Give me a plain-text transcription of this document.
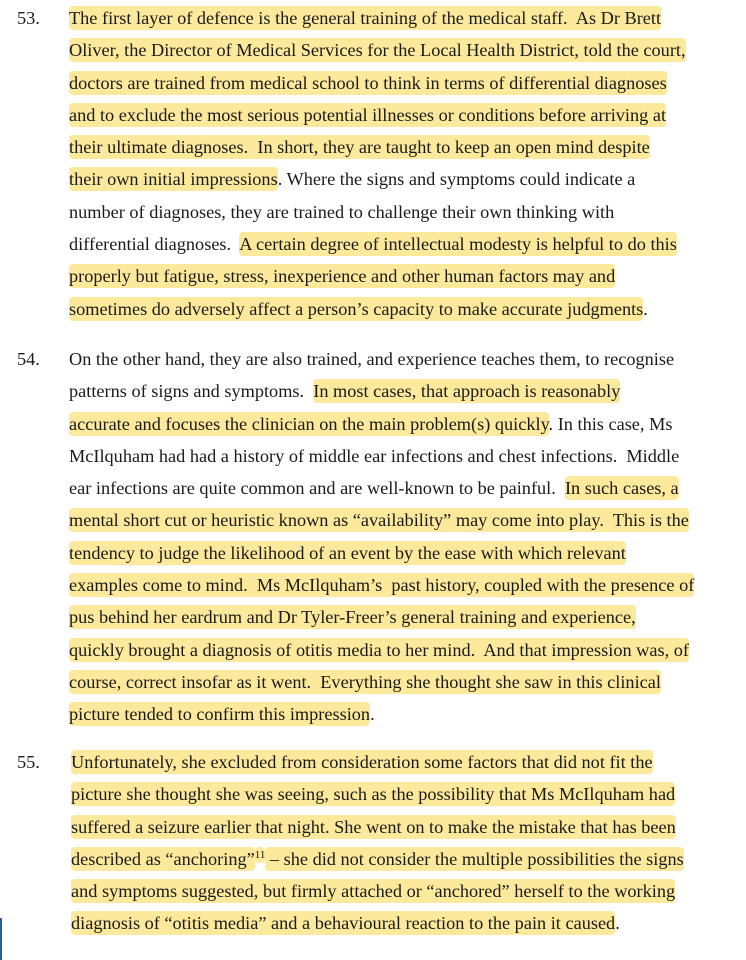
53. The first layer of defence is the general training of the medical staff.  As Dr Brett
Oliver, the Director of Medical Services for the Local Health District, told the court,
doctors are trained from medical school to think in terms of differential diagnoses
and to exclude the most serious potential illnesses or conditions before arriving at
their ultimate diagnoses.  In short, they are taught to keep an open mind despite
their own initial impressions. Where the signs and symptoms could indicate a
number of diagnoses, they are trained to challenge their own thinking with
differential diagnoses.  A certain degree of intellectual modesty is helpful to do this
properly but fatigue, stress, inexperience and other human factors may and
sometimes do adversely affect a person’s capacity to make accurate judgments.
54. On the other hand, they are also trained, and experience teaches them, to recognise
patterns of signs and symptoms.  In most cases, that approach is reasonably
accurate and focuses the clinician on the main problem(s) quickly. In this case, Ms
McIlquham had had a history of middle ear infections and chest infections.  Middle
ear infections are quite common and are well-known to be painful.  In such cases, a
mental short cut or heuristic known as “availability” may come into play.  This is the
tendency to judge the likelihood of an event by the ease with which relevant
examples come to mind.  Ms McIlquham’s  past history, coupled with the presence of
pus behind her eardrum and Dr Tyler-Freer’s general training and experience,
quickly brought a diagnosis of otitis media to her mind.  And that impression was, of
course, correct insofar as it went.  Everything she thought she saw in this clinical
picture tended to confirm this impression.
55. Unfortunately, she excluded from consideration some factors that did not fit the
picture she thought she was seeing, such as the possibility that Ms McIlquham had
suffered a seizure earlier that night. She went on to make the mistake that has been
described as “anchoring”$^{11}$ – she did not consider the multiple possibilities the signs
and symptoms suggested, but firmly attached or “anchored” herself to the working
diagnosis of “otitis media” and a behavioural reaction to the pain it caused.
